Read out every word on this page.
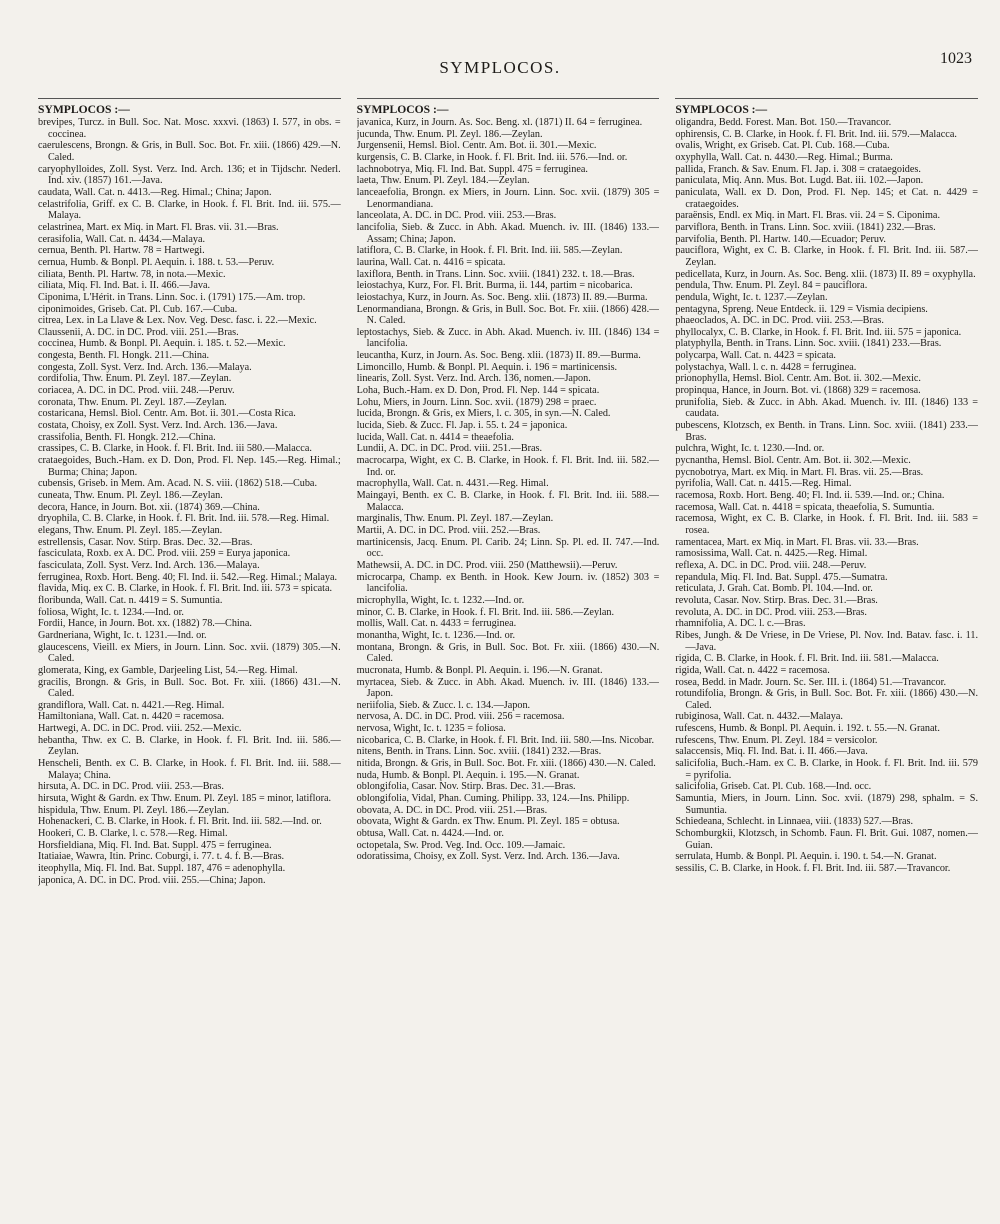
SYMPLOCOS.	1023
SYMPLOCOS :—
brevipes, Turcz. in Bull. Soc. Nat. Mosc. xxxvi. (1863) I. 577, in obs. = coccinea.
caerulescens, Brongn. & Gris, in Bull. Soc. Bot. Fr. xiii. (1866) 429.—N. Caled.
caryophylloides, Zoll. Syst. Verz. Ind. Arch. 136; et in Tijdschr. Nederl. Ind. xiv. (1857) 161.—Java.
caudata, Wall. Cat. n. 4413.—Reg. Himal.; China; Japon.
celastrifolia, Griff. ex C. B. Clarke, in Hook. f. Fl. Brit. Ind. iii. 575.—Malaya.
celastrinea, Mart. ex Miq. in Mart. Fl. Bras. vii. 31.—Bras.
cerasifolia, Wall. Cat. n. 4434.—Malaya.
cernua, Benth. Pl. Hartw. 78 = Hartwegi.
cernua, Humb. & Bonpl. Pl. Aequin. i. 188. t. 53.—Peruv.
ciliata, Benth. Pl. Hartw. 78, in nota.—Mexic.
ciliata, Miq. Fl. Ind. Bat. i. II. 466.—Java.
Ciponima, L'Hérit. in Trans. Linn. Soc. i. (1791) 175.—Am. trop.
ciponimoides, Griseb. Cat. Pl. Cub. 167.—Cuba.
citrea, Lex. in La Llave & Lex. Nov. Veg. Desc. fasc. i. 22.—Mexic.
Claussenii, A. DC. in DC. Prod. viii. 251.—Bras.
coccinea, Humb. & Bonpl. Pl. Aequin. i. 185. t. 52.—Mexic.
congesta, Benth. Fl. Hongk. 211.—China.
congesta, Zoll. Syst. Verz. Ind. Arch. 136.—Malaya.
cordifolia, Thw. Enum. Pl. Zeyl. 187.—Zeylan.
coriacea, A. DC. in DC. Prod. viii. 248.—Peruv.
coronata, Thw. Enum. Pl. Zeyl. 187.—Zeylan.
costaricana, Hemsl. Biol. Centr. Am. Bot. ii. 301.—Costa Rica.
costata, Choisy, ex Zoll. Syst. Verz. Ind. Arch. 136.—Java.
crassifolia, Benth. Fl. Hongk. 212.—China.
crassipes, C. B. Clarke, in Hook. f. Fl. Brit. Ind. iii 580.—Malacca.
crataegoides, Buch.-Ham. ex D. Don, Prod. Fl. Nep. 145.—Reg. Himal.; Burma; China; Japon.
cubensis, Griseb. in Mem. Am. Acad. N. S. viii. (1862) 518.—Cuba.
cuneata, Thw. Enum. Pl. Zeyl. 186.—Zeylan.
decora, Hance, in Journ. Bot. xii. (1874) 369.—China.
dryophila, C. B. Clarke, in Hook. f. Fl. Brit. Ind. iii. 578.—Reg. Himal.
elegans, Thw. Enum. Pl. Zeyl. 185.—Zeylan.
estrellensis, Casar. Nov. Stirp. Bras. Dec. 32.—Bras.
fasciculata, Roxb. ex A. DC. Prod. viii. 259 = Eurya japonica.
fasciculata, Zoll. Syst. Verz. Ind. Arch. 136.—Malaya.
ferruginea, Roxb. Hort. Beng. 40; Fl. Ind. ii. 542.—Reg. Himal.; Malaya.
flavida, Miq. ex C. B. Clarke, in Hook. f. Fl. Brit. Ind. iii. 573 = spicata.
floribunda, Wall. Cat. n. 4419 = S. Sumuntia.
foliosa, Wight, Ic. t. 1234.—Ind. or.
Fordii, Hance, in Journ. Bot. xx. (1882) 78.—China.
Gardneriana, Wight, Ic. t. 1231.—Ind. or.
glaucescens, Vieill. ex Miers, in Journ. Linn. Soc. xvii. (1879) 305.—N. Caled.
glomerata, King, ex Gamble, Darjeeling List, 54.—Reg. Himal.
gracilis, Brongn. & Gris, in Bull. Soc. Bot. Fr. xiii. (1866) 431.—N. Caled.
grandiflora, Wall. Cat. n. 4421.—Reg. Himal.
Hamiltoniana, Wall. Cat. n. 4420 = racemosa.
Hartwegi, A. DC. in DC. Prod. viii. 252.—Mexic.
hebantha, Thw. ex C. B. Clarke, in Hook. f. Fl. Brit. Ind. iii. 586.—Zeylan.
Henscheli, Benth. ex C. B. Clarke, in Hook. f. Fl. Brit. Ind. iii. 588.—Malaya; China.
hirsuta, A. DC. in DC. Prod. viii. 253.—Bras.
hirsuta, Wight & Gardn. ex Thw. Enum. Pl. Zeyl. 185 = minor, latiflora.
hispidula, Thw. Enum. Pl. Zeyl. 186.—Zeylan.
Hohenackeri, C. B. Clarke, in Hook. f. Fl. Brit. Ind. iii. 582.—Ind. or.
Hookeri, C. B. Clarke, l. c. 578.—Reg. Himal.
Horsfieldiana, Miq. Fl. Ind. Bat. Suppl. 475 = ferruginea.
Itatiaiae, Wawra, Itin. Princ. Coburgi, i. 77. t. 4. f. B.—Bras.
iteophylla, Miq. Fl. Ind. Bat. Suppl. 187, 476 = adenophylla.
japonica, A. DC. in DC. Prod. viii. 255.—China; Japon.
SYMPLOCOS :—
javanica, Kurz, in Journ. As. Soc. Beng. xl. (1871) II. 64 = ferruginea.
jucunda, Thw. Enum. Pl. Zeyl. 186.—Zeylan.
Jurgensenii, Hemsl. Biol. Centr. Am. Bot. ii. 301.—Mexic.
kurgensis, C. B. Clarke, in Hook. f. Fl. Brit. Ind. iii. 576.—Ind. or.
lachnobotrya, Miq. Fl. Ind. Bat. Suppl. 475 = ferruginea.
laeta, Thw. Enum. Pl. Zeyl. 184.—Zeylan.
lanceaefolia, Brongn. ex Miers, in Journ. Linn. Soc. xvii. (1879) 305 = Lenormandiana.
lanceolata, A. DC. in DC. Prod. viii. 253.—Bras.
lancifolia, Sieb. & Zucc. in Abh. Akad. Muench. iv. III. (1846) 133.—Assam; China; Japon.
latiflora, C. B. Clarke, in Hook. f. Fl. Brit. Ind. iii. 585.—Zeylan.
laurina, Wall. Cat. n. 4416 = spicata.
laxiflora, Benth. in Trans. Linn. Soc. xviii. (1841) 232. t. 18.—Bras.
leiostachya, Kurz, For. Fl. Brit. Burma, ii. 144, partim = nicobarica.
leiostachya, Kurz, in Journ. As. Soc. Beng. xlii. (1873) II. 89.—Burma.
Lenormandiana, Brongn. & Gris, in Bull. Soc. Bot. Fr. xiii. (1866) 428.—N. Caled.
leptostachys, Sieb. & Zucc. in Abh. Akad. Muench. iv. III. (1846) 134 = lancifolia.
leucantha, Kurz, in Journ. As. Soc. Beng. xlii. (1873) II. 89.—Burma.
Limoncillo, Humb. & Bonpl. Pl. Aequin. i. 196 = martinicensis.
linearis, Zoll. Syst. Verz. Ind. Arch. 136, nomen.—Japon.
Loha, Buch.-Ham. ex D. Don, Prod. Fl. Nep. 144 = spicata.
Lohu, Miers, in Journ. Linn. Soc. xvii. (1879) 298 = praec.
lucida, Brongn. & Gris, ex Miers, l. c. 305, in syn.—N. Caled.
lucida, Sieb. & Zucc. Fl. Jap. i. 55. t. 24 = japonica.
lucida, Wall. Cat. n. 4414 = theaefolia.
Lundii, A. DC. in DC. Prod. viii. 251.—Bras.
macrocarpa, Wight, ex C. B. Clarke, in Hook. f. Fl. Brit. Ind. iii. 582.—Ind. or.
macrophylla, Wall. Cat. n. 4431.—Reg. Himal.
Maingayi, Benth. ex C. B. Clarke, in Hook. f. Fl. Brit. Ind. iii. 588.—Malacca.
marginalis, Thw. Enum. Pl. Zeyl. 187.—Zeylan.
Martii, A. DC. in DC. Prod. viii. 252.—Bras.
martinicensis, Jacq. Enum. Pl. Carib. 24; Linn. Sp. Pl. ed. II. 747.—Ind. occ.
Mathewsii, A. DC. in DC. Prod. viii. 250 (Matthewsii).—Peruv.
microcarpa, Champ. ex Benth. in Hook. Kew Journ. iv. (1852) 303 = lancifolia.
microphylla, Wight, Ic. t. 1232.—Ind. or.
minor, C. B. Clarke, in Hook. f. Fl. Brit. Ind. iii. 586.—Zeylan.
mollis, Wall. Cat. n. 4433 = ferruginea.
monantha, Wight, Ic. t. 1236.—Ind. or.
montana, Brongn. & Gris, in Bull. Soc. Bot. Fr. xiii. (1866) 430.—N. Caled.
mucronata, Humb. & Bonpl. Pl. Aequin. i. 196.—N. Granat.
myrtacea, Sieb. & Zucc. in Abh. Akad. Muench. iv. III. (1846) 133.—Japon.
neriifolia, Sieb. & Zucc. l. c. 134.—Japon.
nervosa, A. DC. in DC. Prod. viii. 256 = racemosa.
nervosa, Wight, Ic. t. 1235 = foliosa.
nicobarica, C. B. Clarke, in Hook. f. Fl. Brit. Ind. iii. 580.—Ins. Nicobar.
nitens, Benth. in Trans. Linn. Soc. xviii. (1841) 232.—Bras.
nitida, Brongn. & Gris, in Bull. Soc. Bot. Fr. xiii. (1866) 430.—N. Caled.
nuda, Humb. & Bonpl. Pl. Aequin. i. 195.—N. Granat.
oblongifolia, Casar. Nov. Stirp. Bras. Dec. 31.—Bras.
oblongifolia, Vidal, Phan. Cuming. Philipp. 33, 124.—Ins. Philipp.
obovata, A. DC. in DC. Prod. viii. 251.—Bras.
obovata, Wight & Gardn. ex Thw. Enum. Pl. Zeyl. 185 = obtusa.
obtusa, Wall. Cat. n. 4424.—Ind. or.
octopetala, Sw. Prod. Veg. Ind. Occ. 109.—Jamaic.
odoratissima, Choisy, ex Zoll. Syst. Verz. Ind. Arch. 136.—Java.
SYMPLOCOS :—
oligandra, Bedd. Forest. Man. Bot. 150.—Travancor.
ophirensis, C. B. Clarke, in Hook. f. Fl. Brit. Ind. iii. 579.—Malacca.
ovalis, Wright, ex Griseb. Cat. Pl. Cub. 168.—Cuba.
oxyphylla, Wall. Cat. n. 4430.—Reg. Himal.; Burma.
pallida, Franch. & Sav. Enum. Fl. Jap. i. 308 = crataegoides.
paniculata, Miq. Ann. Mus. Bot. Lugd. Bat. iii. 102.—Japon.
paniculata, Wall. ex D. Don, Prod. Fl. Nep. 145; et Cat. n. 4429 = crataegoides.
paraënsis, Endl. ex Miq. in Mart. Fl. Bras. vii. 24 = S. Ciponima.
parviflora, Benth. in Trans. Linn. Soc. xviii. (1841) 232.—Bras.
parvifolia, Benth. Pl. Hartw. 140.—Ecuador; Peruv.
pauciflora, Wight, ex C. B. Clarke, in Hook. f. Fl. Brit. Ind. iii. 587.—Zeylan.
pedicellata, Kurz, in Journ. As. Soc. Beng. xlii. (1873) II. 89 = oxyphylla.
pendula, Thw. Enum. Pl. Zeyl. 84 = pauciflora.
pendula, Wight, Ic. t. 1237.—Zeylan.
pentagyna, Spreng. Neue Entdeck. ii. 129 = Vismia decipiens.
phaeoclados, A. DC. in DC. Prod. viii. 253.—Bras.
phyllocalyx, C. B. Clarke, in Hook. f. Fl. Brit. Ind. iii. 575 = japonica.
platyphylla, Benth. in Trans. Linn. Soc. xviii. (1841) 233.—Bras.
polycarpa, Wall. Cat. n. 4423 = spicata.
polystachya, Wall. l. c. n. 4428 = ferruginea.
prionophylla, Hemsl. Biol. Centr. Am. Bot. ii. 302.—Mexic.
propinqua, Hance, in Journ. Bot. vi. (1868) 329 = racemosa.
prunifolia, Sieb. & Zucc. in Abh. Akad. Muench. iv. III. (1846) 133 = caudata.
pubescens, Klotzsch, ex Benth. in Trans. Linn. Soc. xviii. (1841) 233.—Bras.
pulchra, Wight, Ic. t. 1230.—Ind. or.
pycnantha, Hemsl. Biol. Centr. Am. Bot. ii. 302.—Mexic.
pycnobotrya, Mart. ex Miq. in Mart. Fl. Bras. vii. 25.—Bras.
pyrifolia, Wall. Cat. n. 4415.—Reg. Himal.
racemosa, Roxb. Hort. Beng. 40; Fl. Ind. ii. 539.—Ind. or.; China.
racemosa, Wall. Cat. n. 4418 = spicata, theaefolia, S. Sumuntia.
racemosa, Wight, ex C. B. Clarke, in Hook. f. Fl. Brit. Ind. iii. 583 = rosea.
ramentacea, Mart. ex Miq. in Mart. Fl. Bras. vii. 33.—Bras.
ramosissima, Wall. Cat. n. 4425.—Reg. Himal.
reflexa, A. DC. in DC. Prod. viii. 248.—Peruv.
repandula, Miq. Fl. Ind. Bat. Suppl. 475.—Sumatra.
reticulata, J. Grah. Cat. Bomb. Pl. 104.—Ind. or.
revoluta, Casar. Nov. Stirp. Bras. Dec. 31.—Bras.
revoluta, A. DC. in DC. Prod. viii. 253.—Bras.
rhamnifolia, A. DC. l. c.—Bras.
Ribes, Jungh. & De Vriese, in De Vriese, Pl. Nov. Ind. Batav. fasc. i. 11.—Java.
rigida, C. B. Clarke, in Hook. f. Fl. Brit. Ind. iii. 581.—Malacca.
rigida, Wall. Cat. n. 4422 = racemosa.
rosea, Bedd. in Madr. Journ. Sc. Ser. III. i. (1864) 51.—Travancor.
rotundifolia, Brongn. & Gris, in Bull. Soc. Bot. Fr. xiii. (1866) 430.—N. Caled.
rubiginosa, Wall. Cat. n. 4432.—Malaya.
rufescens, Humb. & Bonpl. Pl. Aequin. i. 192. t. 55.—N. Granat.
rufescens, Thw. Enum. Pl. Zeyl. 184 = versicolor.
salaccensis, Miq. Fl. Ind. Bat. i. II. 466.—Java.
salicifolia, Buch.-Ham. ex C. B. Clarke, in Hook. f. Fl. Brit. Ind. iii. 579 = pyrifolia.
salicifolia, Griseb. Cat. Pl. Cub. 168.—Ind. occ.
Samuntia, Miers, in Journ. Linn. Soc. xvii. (1879) 298, sphalm. = S. Sumuntia.
Schiedeana, Schlecht. in Linnaea, viii. (1833) 527.—Bras.
Schomburgkii, Klotzsch, in Schomb. Faun. Fl. Brit. Gui. 1087, nomen.—Guian.
serrulata, Humb. & Bonpl. Pl. Aequin. i. 190. t. 54.—N. Granat.
sessilis, C. B. Clarke, in Hook. f. Fl. Brit. Ind. iii. 587.—Travancor.
